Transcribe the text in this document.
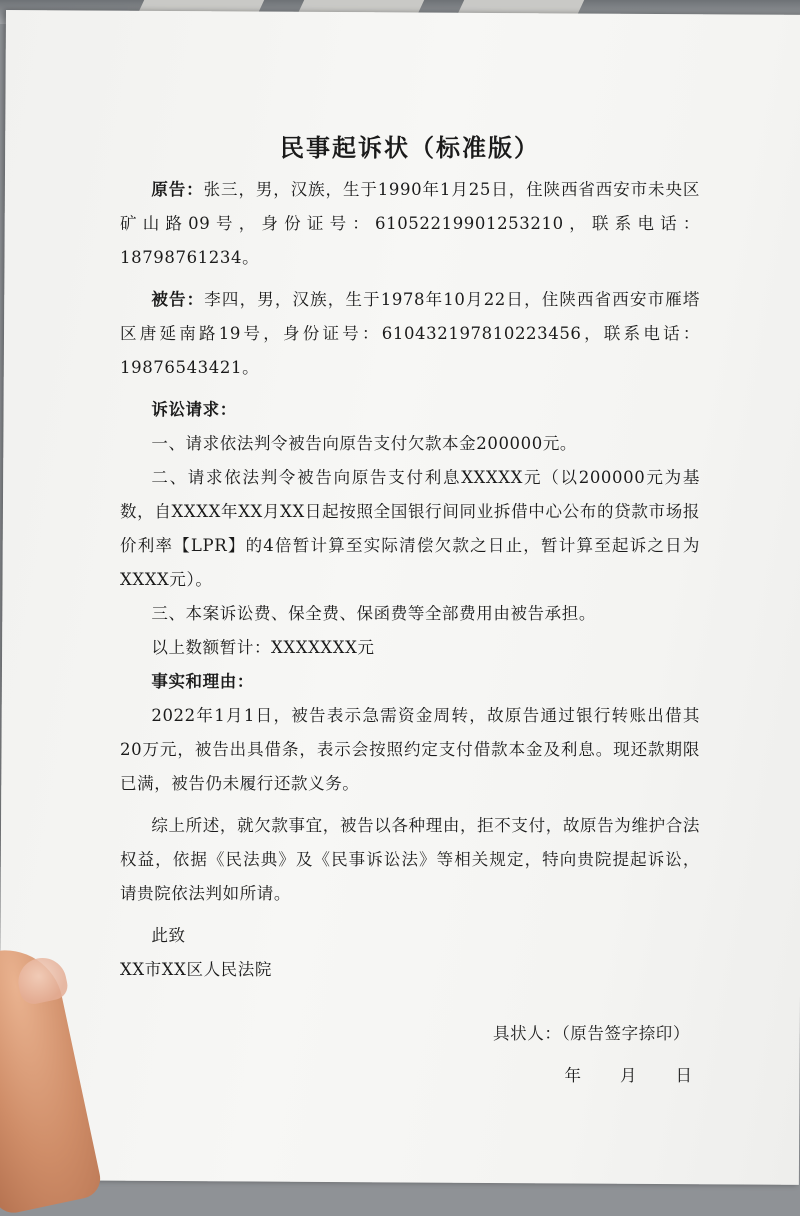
民事起诉状（标准版）

原告：张三，男，汉族，生于1990年1月25日，住陕西省西安市未央区矿山路09号，身份证号：61052219901253210，联系电话：18798761234。

被告：李四，男，汉族，生于1978年10月22日，住陕西省西安市雁塔区唐延南路19号，身份证号：610432197810223456，联系电话：19876543421。

诉讼请求：

一、请求依法判令被告向原告支付欠款本金200000元。

二、请求依法判令被告向原告支付利息XXXXX元（以200000元为基数，自XXXX年XX月XX日起按照全国银行间同业拆借中心公布的贷款市场报价利率【LPR】的4倍暂计算至实际清偿欠款之日止，暂计算至起诉之日为XXXX元）。

三、本案诉讼费、保全费、保函费等全部费用由被告承担。

以上数额暂计：XXXXXXX元

事实和理由：

2022年1月1日，被告表示急需资金周转，故原告通过银行转账出借其20万元，被告出具借条，表示会按照约定支付借款本金及利息。现还款期限已满，被告仍未履行还款义务。

综上所述，就欠款事宜，被告以各种理由，拒不支付，故原告为维护合法权益，依据《民法典》及《民事诉讼法》等相关规定，特向贵院提起诉讼，请贵院依法判如所请。

此致

XX市XX区人民法院

具状人：（原告签字捺印）

年　　月　　日
